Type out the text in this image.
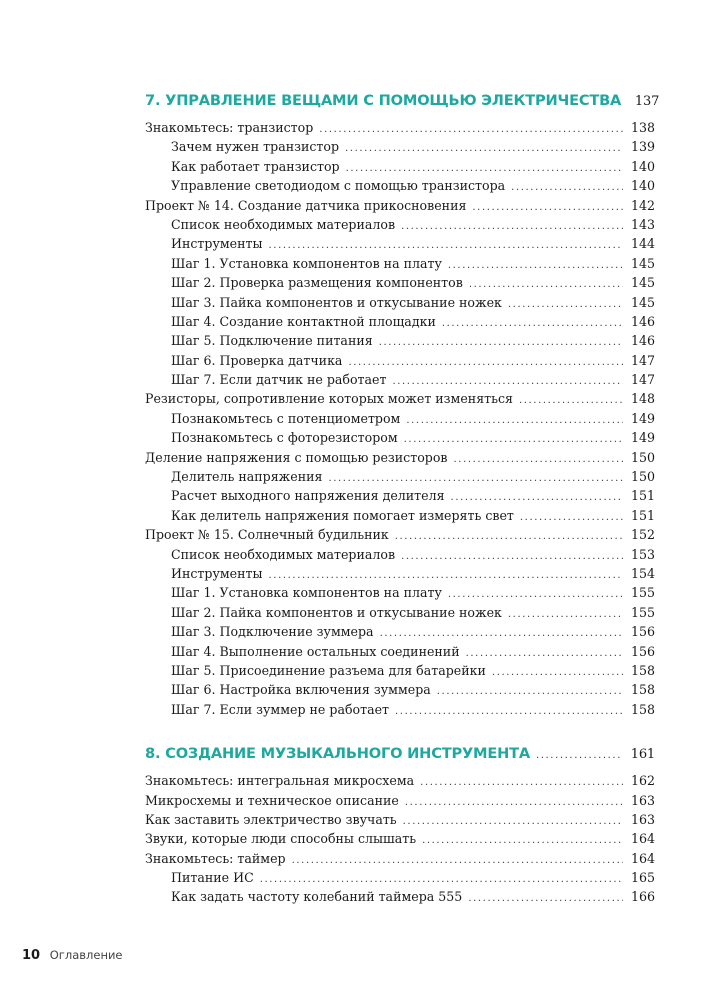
7. УПРАВЛЕНИЕ ВЕЩАМИ С ПОМОЩЬЮ ЭЛЕКТРИЧЕСТВА 137
Знакомьтесь: транзистор .....	138
Зачем нужен транзистор .....	139
Как работает транзистор .....	140
Управление светодиодом с помощью транзистора .....	140
Проект № 14. Создание датчика прикосновения .....	142
Список необходимых материалов .....	143
Инструменты .....	144
Шаг 1. Установка компонентов на плату .....	145
Шаг 2. Проверка размещения компонентов .....	145
Шаг 3. Пайка компонентов и откусывание ножек .....	145
Шаг 4. Создание контактной площадки .....	146
Шаг 5. Подключение питания .....	146
Шаг 6. Проверка датчика .....	147
Шаг 7. Если датчик не работает .....	147
Резисторы, сопротивление которых может изменяться .....	148
Познакомьтесь с потенциометром .....	149
Познакомьтесь с фоторезистором .....	149
Деление напряжения с помощью резисторов .....	150
Делитель напряжения .....	150
Расчет выходного напряжения делителя .....	151
Как делитель напряжения помогает измерять свет .....	151
Проект № 15. Солнечный будильник .....	152
Список необходимых материалов .....	153
Инструменты .....	154
Шаг 1. Установка компонентов на плату .....	155
Шаг 2. Пайка компонентов и откусывание ножек .....	155
Шаг 3. Подключение зуммера .....	156
Шаг 4. Выполнение остальных соединений .....	156
Шаг 5. Присоединение разъема для батарейки .....	158
Шаг 6. Настройка включения зуммера .....	158
Шаг 7. Если зуммер не работает .....	158
8. СОЗДАНИЕ МУЗЫКАЛЬНОГО ИНСТРУМЕНТА .....	161
Знакомьтесь: интегральная микросхема .....	162
Микросхемы и техническое описание .....	163
Как заставить электричество звучать .....	163
Звуки, которые люди способны слышать .....	164
Знакомьтесь: таймер .....	164
Питание ИС .....	165
Как задать частоту колебаний таймера 555 .....	166
10 Оглавление
